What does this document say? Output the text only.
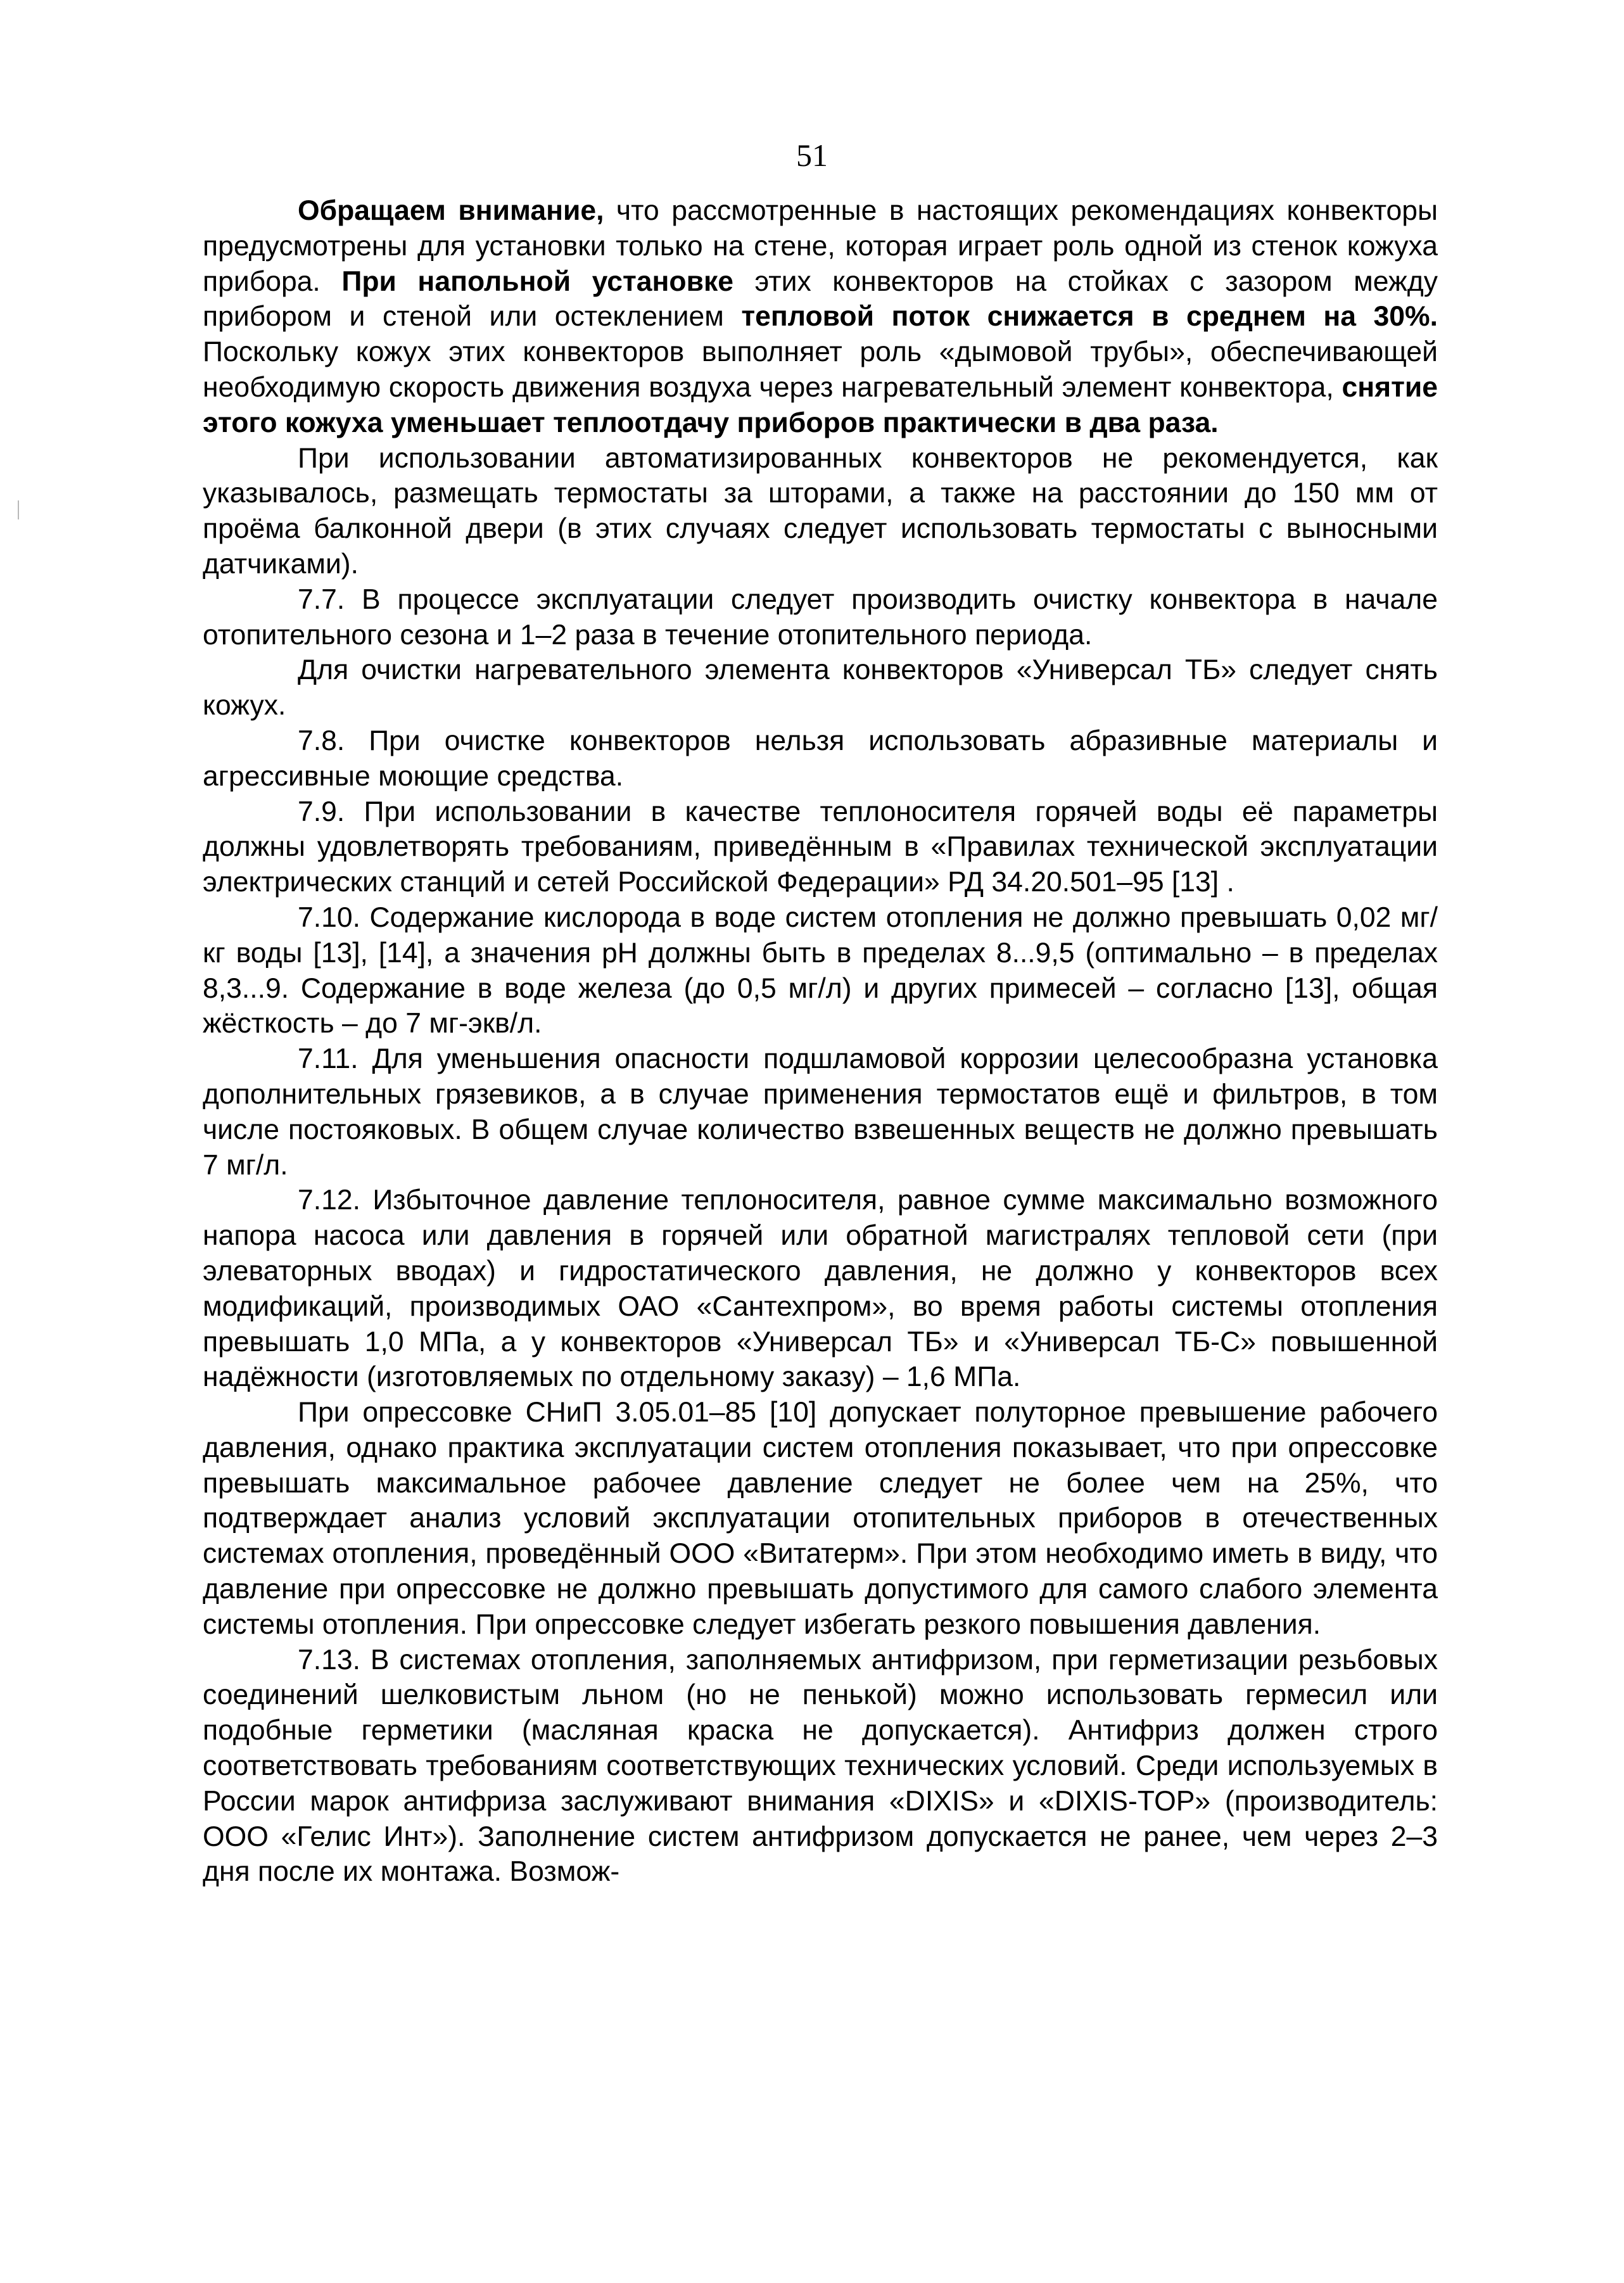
51

Обращаем внимание, что рассмотренные в настоящих рекомендациях конвекторы предусмотрены для установки только на стене, которая играет роль одной из стенок кожуха прибора. При напольной установке этих конвекторов на стойках с зазором между прибором и стеной или остеклением тепловой поток снижается в среднем на 30%. Поскольку кожух этих конвекторов выполняет роль «дымовой трубы», обеспечивающей необходимую скорость движения воздуха через нагревательный элемент конвектора, снятие этого кожуха уменьшает теплоотдачу приборов практически в два раза.

При использовании автоматизированных конвекторов не рекомендуется, как указывалось, размещать термостаты за шторами, а также на расстоянии до 150 мм от проёма балконной двери (в этих случаях следует использовать термостаты с выносными датчиками).

7.7. В процессе эксплуатации следует производить очистку конвектора в начале отопительного сезона и 1–2 раза в течение отопительного периода.

Для очистки нагревательного элемента конвекторов «Универсал ТБ» следует снять кожух.

7.8. При очистке конвекторов нельзя использовать абразивные материалы и агрессивные моющие средства.

7.9. При использовании в качестве теплоносителя горячей воды её параметры должны удовлетворять требованиям, приведённым в «Правилах технической эксплуатации электрических станций и сетей Российской Федерации» РД 34.20.501–95 [13] .

7.10. Содержание кислорода в воде систем отопления не должно превышать 0,02 мг/кг воды [13], [14], а значения рН должны быть в пределах 8...9,5 (оптимально – в пределах 8,3...9. Содержание в воде железа (до 0,5 мг/л) и других примесей – согласно [13], общая жёсткость – до 7 мг-экв/л.

7.11. Для уменьшения опасности подшламовой коррозии целесообразна установка дополнительных грязевиков, а в случае применения термостатов ещё и фильтров, в том числе постояковых. В общем случае количество взвешенных веществ не должно превышать 7 мг/л.

7.12. Избыточное давление теплоносителя, равное сумме максимально возможного напора насоса или давления в горячей или обратной магистралях тепловой сети (при элеваторных вводах) и гидростатического давления, не должно у конвекторов всех модификаций, производимых ОАО «Сантехпром», во время работы системы отопления превышать 1,0 МПа, а у конвекторов «Универсал ТБ» и «Универсал ТБ-С» повышенной надёжности (изготовляемых по отдельному заказу) – 1,6 МПа.

При опрессовке СНиП 3.05.01–85 [10] допускает полуторное превышение рабочего давления, однако практика эксплуатации систем отопления показывает, что при опрессовке превышать максимальное рабочее давление следует не более чем на 25%, что подтверждает анализ условий эксплуатации отопительных приборов в отечественных системах отопления, проведённый ООО «Витатерм». При этом необходимо иметь в виду, что давление при опрессовке не должно превышать допустимого для самого слабого элемента системы отопления. При опрессовке следует избегать резкого повышения давления.

7.13. В системах отопления, заполняемых антифризом, при герметизации резьбовых соединений шелковистым льном (но не пенькой) можно использовать гермесил или подобные герметики (масляная краска не допускается). Антифриз должен строго соответствовать требованиям соответствующих технических условий. Среди используемых в России марок антифриза заслуживают внимания «DIXIS» и «DIXIS-TOP» (производитель: ООО «Гелис Инт»). Заполнение систем антифризом допускается не ранее, чем через 2–3 дня после их монтажа. Возмож-
